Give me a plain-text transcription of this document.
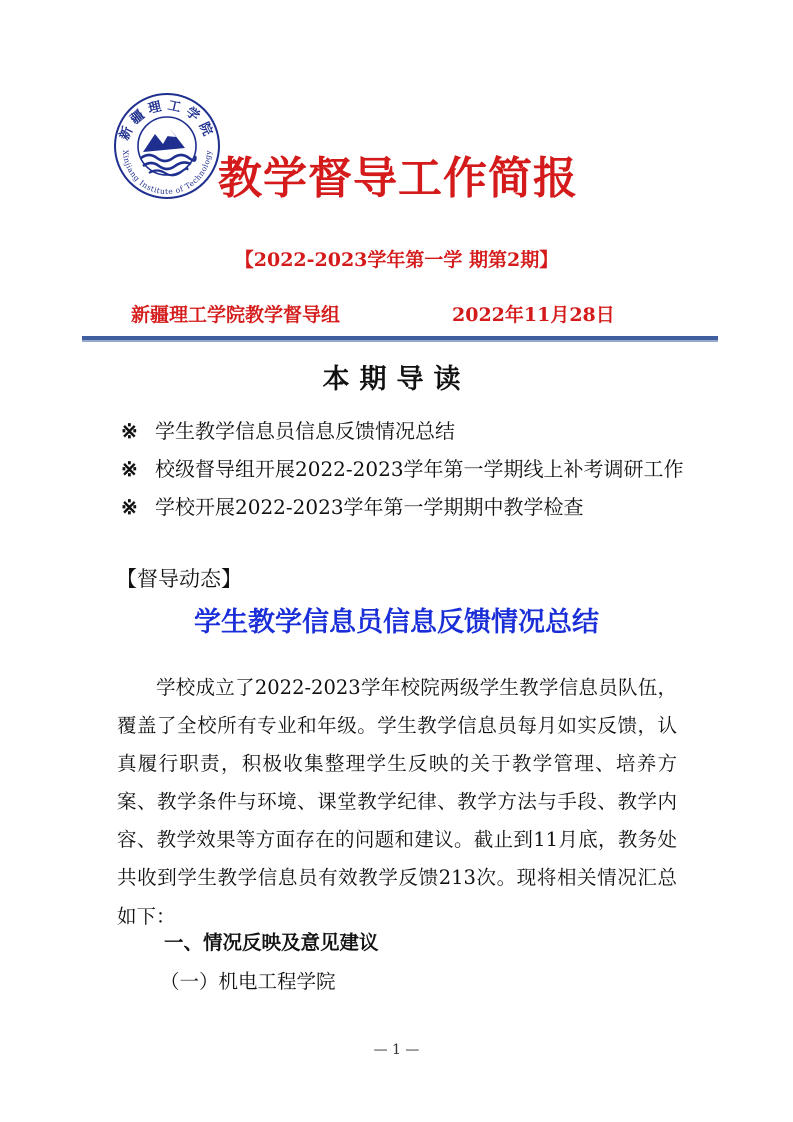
新疆理工学院
Xinjiang Institute of Technology
教学督导工作简报
【2022-2023学年第一学 期第2期】
新疆理工学院教学督导组	2022年11月28日
本期导读
※ 学生教学信息员信息反馈情况总结
※ 校级督导组开展2022-2023学年第一学期线上补考调研工作
※ 学校开展2022-2023学年第一学期期中教学检查
【督导动态】
学生教学信息员信息反馈情况总结

学校成立了2022-2023学年校院两级学生教学信息员队伍，覆盖了全校所有专业和年级。学生教学信息员每月如实反馈，认真履行职责，积极收集整理学生反映的关于教学管理、培养方案、教学条件与环境、课堂教学纪律、教学方法与手段、教学内容、教学效果等方面存在的问题和建议。截止到11月底，教务处共收到学生教学信息员有效教学反馈213次。现将相关情况汇总如下：

一、情况反映及意见建议
（一）机电工程学院
— 1 —
